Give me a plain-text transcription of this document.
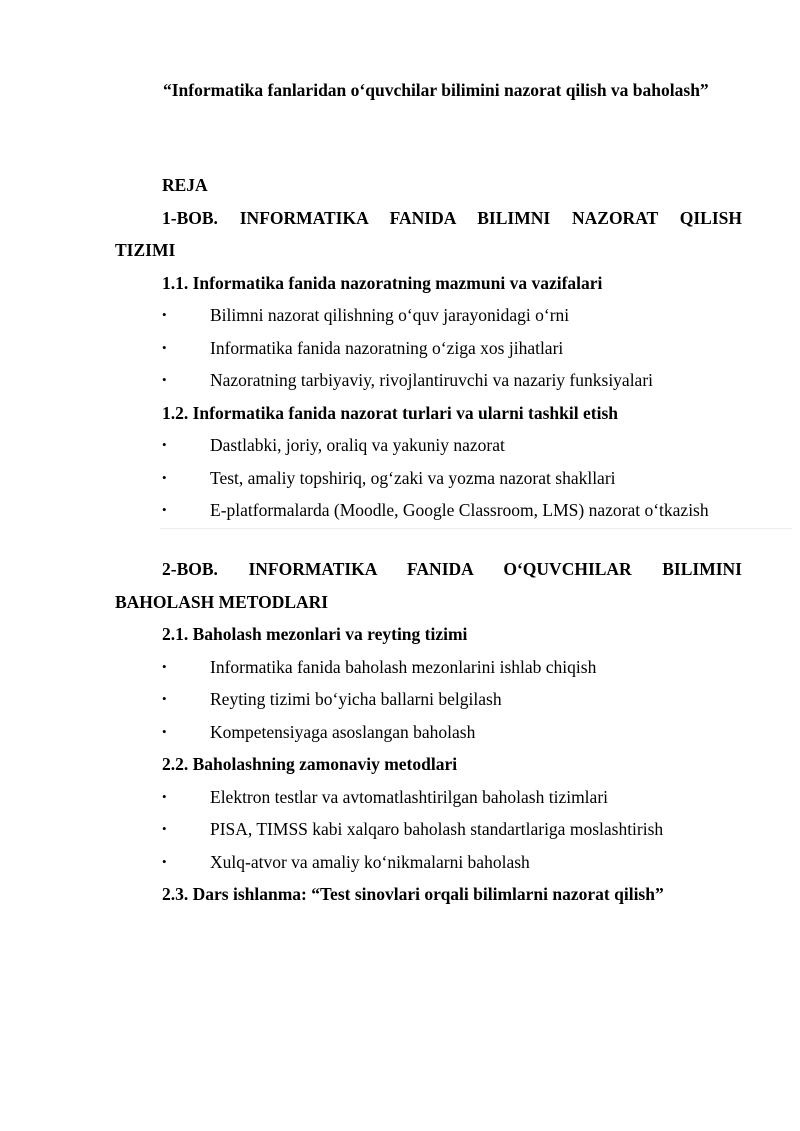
“Informatika fanlaridan o‘quvchilar bilimini nazorat qilish va baholash”
REJA
1-BOB. INFORMATIKA FANIDA BILIMNI NAZORAT QILISH
TIZIMI
1.1. Informatika fanida nazoratning mazmuni va vazifalari
• Bilimni nazorat qilishning o‘quv jarayonidagi o‘rni
• Informatika fanida nazoratning o‘ziga xos jihatlari
• Nazoratning tarbiyaviy, rivojlantiruvchi va nazariy funksiyalari
1.2. Informatika fanida nazorat turlari va ularni tashkil etish
• Dastlabki, joriy, oraliq va yakuniy nazorat
• Test, amaliy topshiriq, og‘zaki va yozma nazorat shakllari
• E-platformalarda (Moodle, Google Classroom, LMS) nazorat o‘tkazish
2-BOB. INFORMATIKA FANIDA O‘QUVCHILAR BILIMINI
BAHOLASH METODLARI
2.1. Baholash mezonlari va reyting tizimi
• Informatika fanida baholash mezonlarini ishlab chiqish
• Reyting tizimi bo‘yicha ballarni belgilash
• Kompetensiyaga asoslangan baholash
2.2. Baholashning zamonaviy metodlari
• Elektron testlar va avtomatlashtirilgan baholash tizimlari
• PISA, TIMSS kabi xalqaro baholash standartlariga moslashtirish
• Xulq-atvor va amaliy ko‘nikmalarni baholash
2.3. Dars ishlanma: “Test sinovlari orqali bilimlarni nazorat qilish”
